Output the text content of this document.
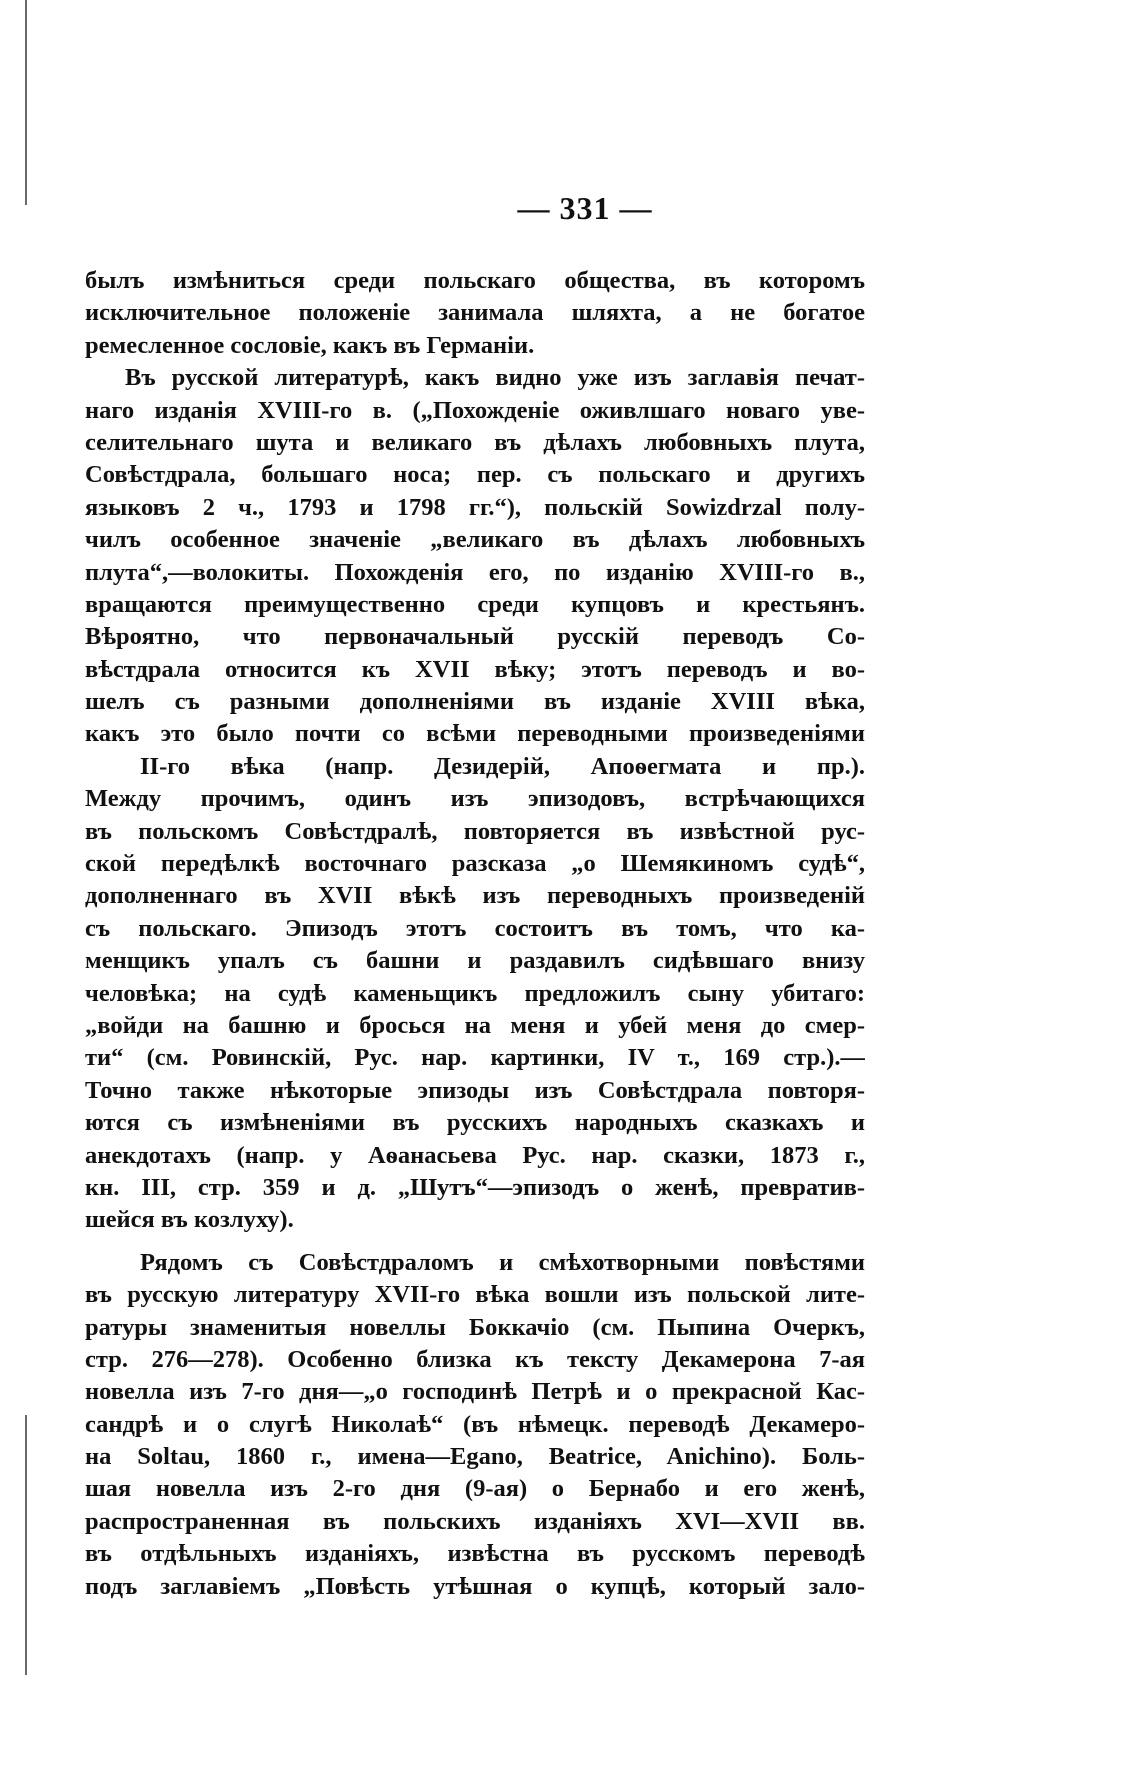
— 331 —
былъ измѣниться среди польскаго общества, въ которомъ
исключительное положеніе занимала шляхта, а не богатое
ремесленное сословіе, какъ въ Германіи.
Въ русской литературѣ, какъ видно уже изъ заглавія печат-
наго изданія XVIII-го в. („Похожденіе оживлшаго новаго уве-
селительнаго шута и великаго въ дѣлахъ любовныхъ плута,
Совѣстдрала, большаго носа; пер. съ польскаго и другихъ
языковъ 2 ч., 1793 и 1798 гг.“), польскій Sowizdrzal полу-
чилъ особенное значеніе „великаго въ дѣлахъ любовныхъ
плута“,—волокиты. Похожденія его, по изданію XVIII-го в.,
вращаются преимущественно среди купцовъ и крестьянъ.
Вѣроятно, что первоначальный русскій переводъ Со-
вѣстдрала относится къ XVII вѣку; этотъ переводъ и во-
шелъ съ разными дополненіями въ изданіе XVIII вѣка,
какъ это было почти со всѣми переводными произведеніями
II-го вѣка (напр. Дезидерій, Апоѳегмата и пр.).
Между прочимъ, одинъ изъ эпизодовъ, встрѣчающихся
въ польскомъ Совѣстдралѣ, повторяется въ извѣстной рус-
ской передѣлкѣ восточнаго разсказа „о Шемякиномъ судѣ“,
дополненнаго въ XVII вѣкѣ изъ переводныхъ произведеній
съ польскаго. Эпизодъ этотъ состоитъ въ томъ, что ка-
менщикъ упалъ съ башни и раздавилъ сидѣвшаго внизу
человѣка; на судѣ каменьщикъ предложилъ сыну убитаго:
„войди на башню и бросься на меня и убей меня до смер-
ти“ (см. Ровинскій, Рус. нар. картинки, IV т., 169 стр.).—
Точно также нѣкоторые эпизоды изъ Совѣстдрала повторя-
ются съ измѣненіями въ русскихъ народныхъ сказкахъ и
анекдотахъ (напр. у Аѳанасьева Рус. нар. сказки, 1873 г.,
кн. III, стр. 359 и д. „Шутъ“—эпизодъ о женѣ, превратив-
шейся въ козлуху).
Рядомъ съ Совѣстдраломъ и смѣхотворными повѣстями
въ русскую литературу XVII-го вѣка вошли изъ польской лите-
ратуры знаменитыя новеллы Боккачіо (см. Пыпина Очеркъ,
стр. 276—278). Особенно близка къ тексту Декамерона 7-ая
новелла изъ 7-го дня—„о господинѣ Петрѣ и о прекрасной Кас-
сандрѣ и о слугѣ Николаѣ“ (въ нѣмецк. переводѣ Декамеро-
на Soltau, 1860 г., имена—Egano, Beatrice, Anichino). Боль-
шая новелла изъ 2-го дня (9-ая) о Бернабо и его женѣ,
распространенная въ польскихъ изданіяхъ XVI—XVII вв.
въ отдѣльныхъ изданіяхъ, извѣстна въ русскомъ переводѣ
подъ заглавіемъ „Повѣсть утѣшная о купцѣ, который зало-
